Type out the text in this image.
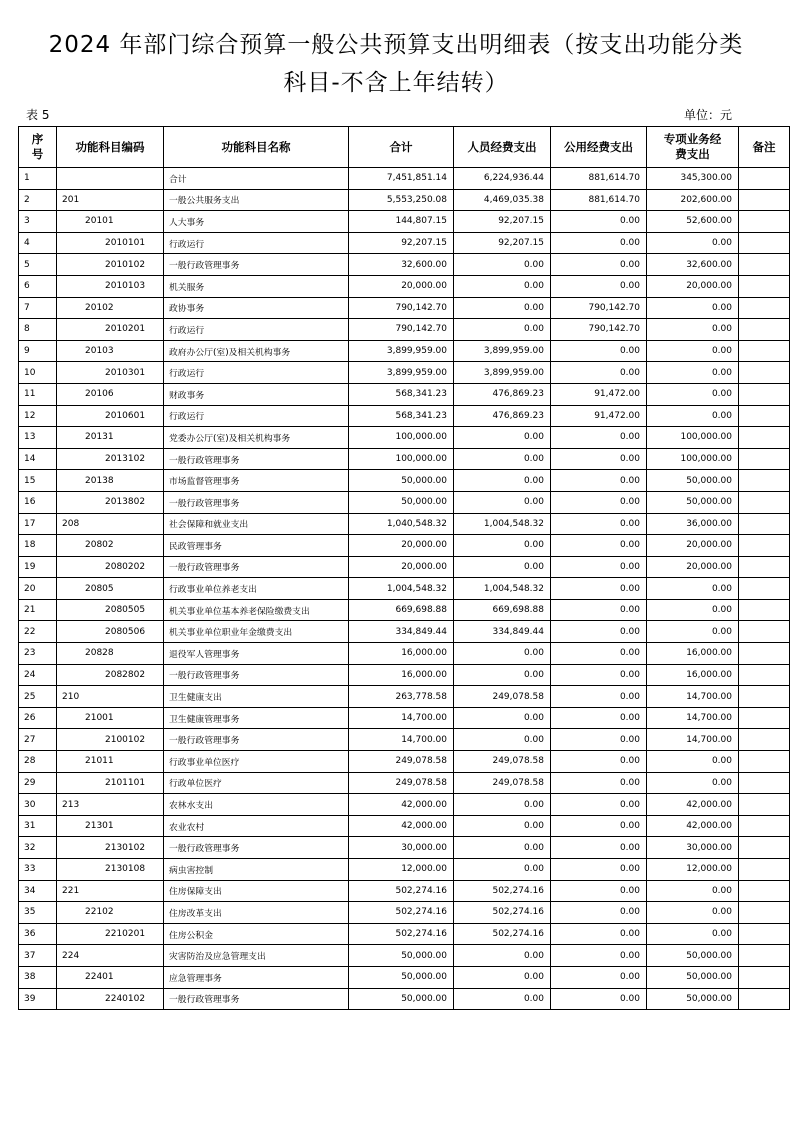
2024 年部门综合预算一般公共预算支出明细表（按支出功能分类
科目-不含上年结转）
表 5	单位：元
序号	功能科目编码	功能科目名称	合计	人员经费支出	公用经费支出	专项业务经费支出	备注
1		合计	7,451,851.14	6,224,936.44	881,614.70	345,300.00	
2	201	一般公共服务支出	5,553,250.08	4,469,035.38	881,614.70	202,600.00	
3	20101	人大事务	144,807.15	92,207.15	0.00	52,600.00	
4	2010101	行政运行	92,207.15	92,207.15	0.00	0.00	
5	2010102	一般行政管理事务	32,600.00	0.00	0.00	32,600.00	
6	2010103	机关服务	20,000.00	0.00	0.00	20,000.00	
7	20102	政协事务	790,142.70	0.00	790,142.70	0.00	
8	2010201	行政运行	790,142.70	0.00	790,142.70	0.00	
9	20103	政府办公厅(室)及相关机构事务	3,899,959.00	3,899,959.00	0.00	0.00	
10	2010301	行政运行	3,899,959.00	3,899,959.00	0.00	0.00	
11	20106	财政事务	568,341.23	476,869.23	91,472.00	0.00	
12	2010601	行政运行	568,341.23	476,869.23	91,472.00	0.00	
13	20131	党委办公厅(室)及相关机构事务	100,000.00	0.00	0.00	100,000.00	
14	2013102	一般行政管理事务	100,000.00	0.00	0.00	100,000.00	
15	20138	市场监督管理事务	50,000.00	0.00	0.00	50,000.00	
16	2013802	一般行政管理事务	50,000.00	0.00	0.00	50,000.00	
17	208	社会保障和就业支出	1,040,548.32	1,004,548.32	0.00	36,000.00	
18	20802	民政管理事务	20,000.00	0.00	0.00	20,000.00	
19	2080202	一般行政管理事务	20,000.00	0.00	0.00	20,000.00	
20	20805	行政事业单位养老支出	1,004,548.32	1,004,548.32	0.00	0.00	
21	2080505	机关事业单位基本养老保险缴费支出	669,698.88	669,698.88	0.00	0.00	
22	2080506	机关事业单位职业年金缴费支出	334,849.44	334,849.44	0.00	0.00	
23	20828	退役军人管理事务	16,000.00	0.00	0.00	16,000.00	
24	2082802	一般行政管理事务	16,000.00	0.00	0.00	16,000.00	
25	210	卫生健康支出	263,778.58	249,078.58	0.00	14,700.00	
26	21001	卫生健康管理事务	14,700.00	0.00	0.00	14,700.00	
27	2100102	一般行政管理事务	14,700.00	0.00	0.00	14,700.00	
28	21011	行政事业单位医疗	249,078.58	249,078.58	0.00	0.00	
29	2101101	行政单位医疗	249,078.58	249,078.58	0.00	0.00	
30	213	农林水支出	42,000.00	0.00	0.00	42,000.00	
31	21301	农业农村	42,000.00	0.00	0.00	42,000.00	
32	2130102	一般行政管理事务	30,000.00	0.00	0.00	30,000.00	
33	2130108	病虫害控制	12,000.00	0.00	0.00	12,000.00	
34	221	住房保障支出	502,274.16	502,274.16	0.00	0.00	
35	22102	住房改革支出	502,274.16	502,274.16	0.00	0.00	
36	2210201	住房公积金	502,274.16	502,274.16	0.00	0.00	
37	224	灾害防治及应急管理支出	50,000.00	0.00	0.00	50,000.00	
38	22401	应急管理事务	50,000.00	0.00	0.00	50,000.00	
39	2240102	一般行政管理事务	50,000.00	0.00	0.00	50,000.00	
